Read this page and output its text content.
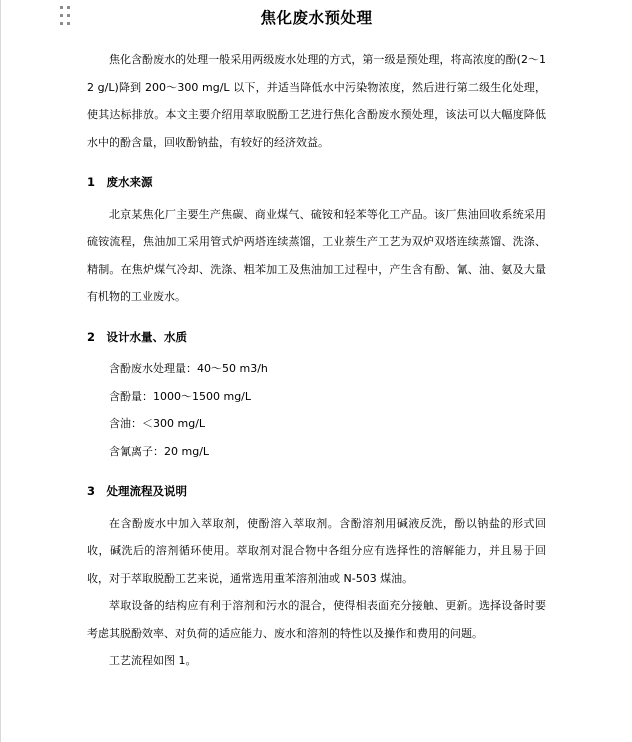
焦化废水预处理

焦化含酚废水的处理一般采用两级废水处理的方式，第一级是预处理，将高浓度的酚(2～12 g/L)降到 200～300 mg/L 以下，并适当降低水中污染物浓度，然后进行第二级生化处理，使其达标排放。本文主要介绍用萃取脱酚工艺进行焦化含酚废水预处理，该法可以大幅度降低水中的酚含量，回收酚钠盐，有较好的经济效益。

1　废水来源

北京某焦化厂主要生产焦碳、商业煤气、硫铵和轻苯等化工产品。该厂焦油回收系统采用硫铵流程，焦油加工采用管式炉两塔连续蒸馏，工业萘生产工艺为双炉双塔连续蒸馏、洗涤、精制。在焦炉煤气冷却、洗涤、粗苯加工及焦油加工过程中，产生含有酚、氰、油、氨及大量有机物的工业废水。

2　设计水量、水质
含酚废水处理量：40～50 m3/h
含酚量：1000～1500 mg/L
含油：＜300 mg/L
含氰离子：20 mg/L
3　处理流程及说明

在含酚废水中加入萃取剂，使酚溶入萃取剂。含酚溶剂用碱液反洗，酚以钠盐的形式回收，碱洗后的溶剂循环使用。萃取剂对混合物中各组分应有选择性的溶解能力，并且易于回收，对于萃取脱酚工艺来说，通常选用重苯溶剂油或 N-503 煤油。

萃取设备的结构应有利于溶剂和污水的混合，使得相表面充分接触、更新。选择设备时要考虑其脱酚效率、对负荷的适应能力、废水和溶剂的特性以及操作和费用的问题。

工艺流程如图 1。
